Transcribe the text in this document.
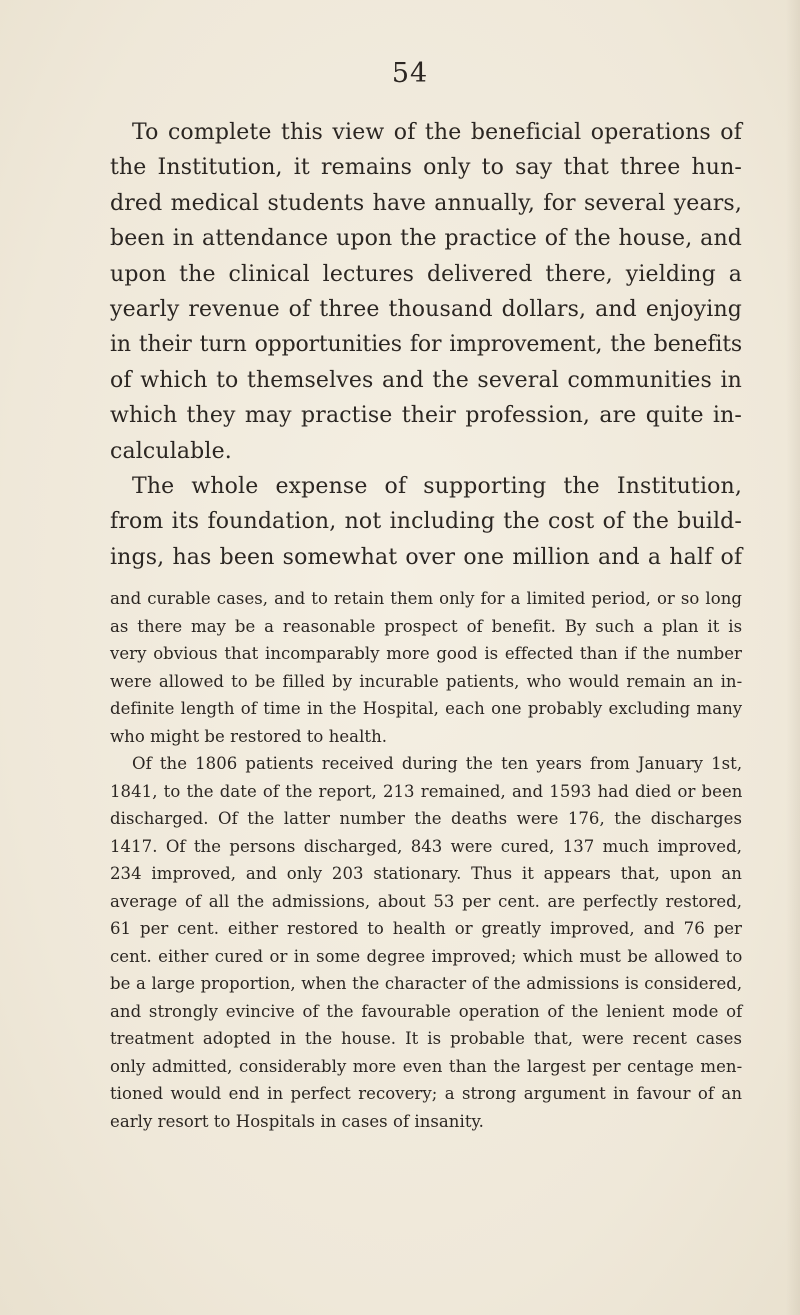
54
To complete this view of the beneficial operations of
the Institution, it remains only to say that three hun-
dred medical students have annually, for several years,
been in attendance upon the practice of the house, and
upon the clinical lectures delivered there, yielding a
yearly revenue of three thousand dollars, and enjoying
in their turn opportunities for improvement, the benefits
of which to themselves and the several communities in
which they may practise their profession, are quite in-
calculable.
The whole expense of supporting the Institution,
from its foundation, not including the cost of the build-
ings, has been somewhat over one million and a half of
and curable cases, and to retain them only for a limited period, or so long
as there may be a reasonable prospect of benefit. By such a plan it is
very obvious that incomparably more good is effected than if the number
were allowed to be filled by incurable patients, who would remain an in-
definite length of time in the Hospital, each one probably excluding many
who might be restored to health.
Of the 1806 patients received during the ten years from January 1st,
1841, to the date of the report, 213 remained, and 1593 had died or been
discharged. Of the latter number the deaths were 176, the discharges
1417. Of the persons discharged, 843 were cured, 137 much improved,
234 improved, and only 203 stationary. Thus it appears that, upon an
average of all the admissions, about 53 per cent. are perfectly restored,
61 per cent. either restored to health or greatly improved, and 76 per
cent. either cured or in some degree improved; which must be allowed to
be a large proportion, when the character of the admissions is considered,
and strongly evincive of the favourable operation of the lenient mode of
treatment adopted in the house. It is probable that, were recent cases
only admitted, considerably more even than the largest per centage men-
tioned would end in perfect recovery; a strong argument in favour of an
early resort to Hospitals in cases of insanity.
